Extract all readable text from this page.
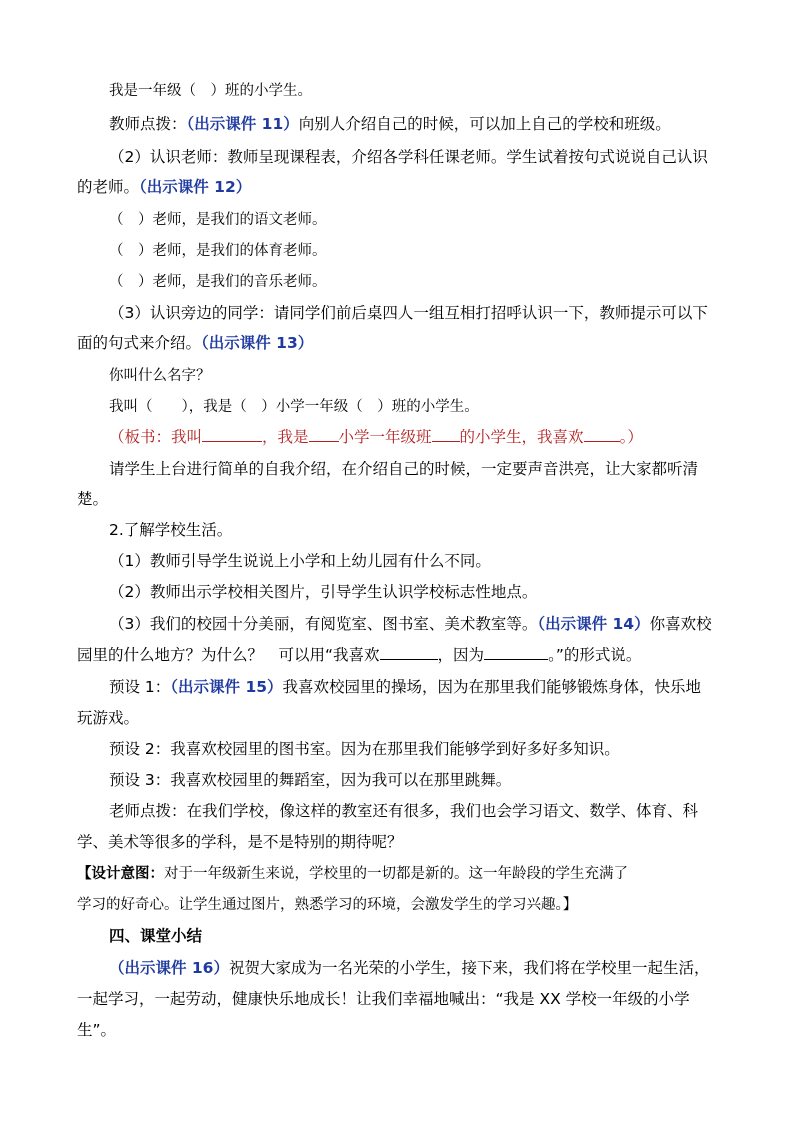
我是一年级（　）班的小学生。
教师点拨：（出示课件 11）向别人介绍自己的时候，可以加上自己的学校和班级。
（2）认识老师：教师呈现课程表，介绍各学科任课老师。学生试着按句式说说自己认识
的老师。（出示课件 12）
（　）老师，是我们的语文老师。
（　）老师，是我们的体育老师。
（　）老师，是我们的音乐老师。
（3）认识旁边的同学：请同学们前后桌四人一组互相打招呼认识一下，教师提示可以下
面的句式来介绍。（出示课件 13）
你叫什么名字？
我叫（　　），我是（　）小学一年级（　）班的小学生。
（板书：我叫	，我是 小学一年级班 的小学生，我喜欢 。）
请学生上台进行简单的自我介绍，在介绍自己的时候，一定要声音洪亮，让大家都听清
楚。
2.了解学校生活。
（1）教师引导学生说说上小学和上幼儿园有什么不同。
（2）教师出示学校相关图片，引导学生认识学校标志性地点。
（3）我们的校园十分美丽，有阅览室、图书室、美术教室等。（出示课件 14）你喜欢校
园里的什么地方？为什么？　可以用“我喜欢	，因为	。”的形式说。
预设 1：（出示课件 15）我喜欢校园里的操场，因为在那里我们能够锻炼身体，快乐地
玩游戏。
预设 2：我喜欢校园里的图书室。因为在那里我们能够学到好多好多知识。
预设 3：我喜欢校园里的舞蹈室，因为我可以在那里跳舞。
老师点拨：在我们学校，像这样的教室还有很多，我们也会学习语文、数学、体育、科
学、美术等很多的学科，是不是特别的期待呢？
【设计意图：对于一年级新生来说，学校里的一切都是新的。这一年龄段的学生充满了
学习的好奇心。让学生通过图片，熟悉学习的环境，会激发学生的学习兴趣。】
四、课堂小结
（出示课件 16）祝贺大家成为一名光荣的小学生，接下来，我们将在学校里一起生活，
一起学习，一起劳动，健康快乐地成长！让我们幸福地喊出：“我是 XX 学校一年级的小学
生”。
